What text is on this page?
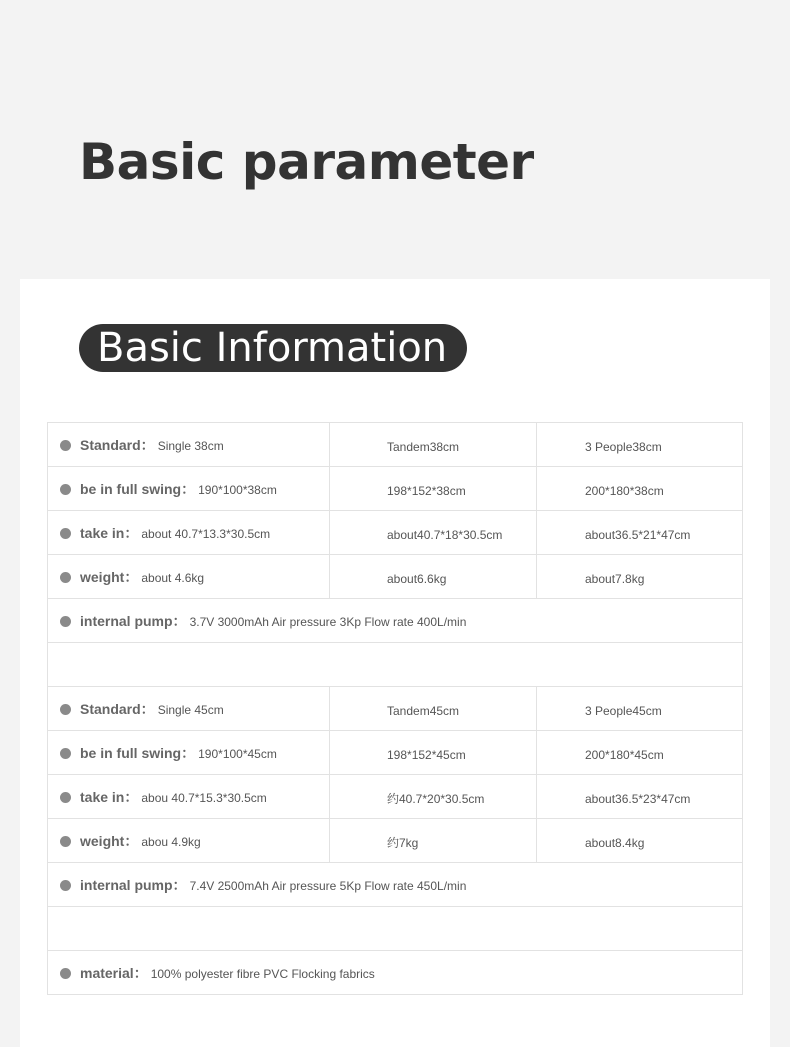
Basic parameter
Basic Information
Standard： Single 38cm	Tandem38cm	3 People38cm
be in full swing： 190*100*38cm	198*152*38cm	200*180*38cm
take in： about 40.7*13.3*30.5cm	about40.7*18*30.5cm	about36.5*21*47cm
weight： about 4.6kg	about6.6kg	about7.8kg
internal pump： 3.7V 3000mAh Air pressure 3Kp Flow rate 400L/min		

Standard： Single 45cm	Tandem45cm	3 People45cm
be in full swing： 190*100*45cm	198*152*45cm	200*180*45cm
take in： abou 40.7*15.3*30.5cm	约40.7*20*30.5cm	about36.5*23*47cm
weight： abou 4.9kg	约7kg	about8.4kg
internal pump： 7.4V 2500mAh Air pressure 5Kp Flow rate 450L/min		

material： 100% polyester fibre PVC Flocking fabrics		
